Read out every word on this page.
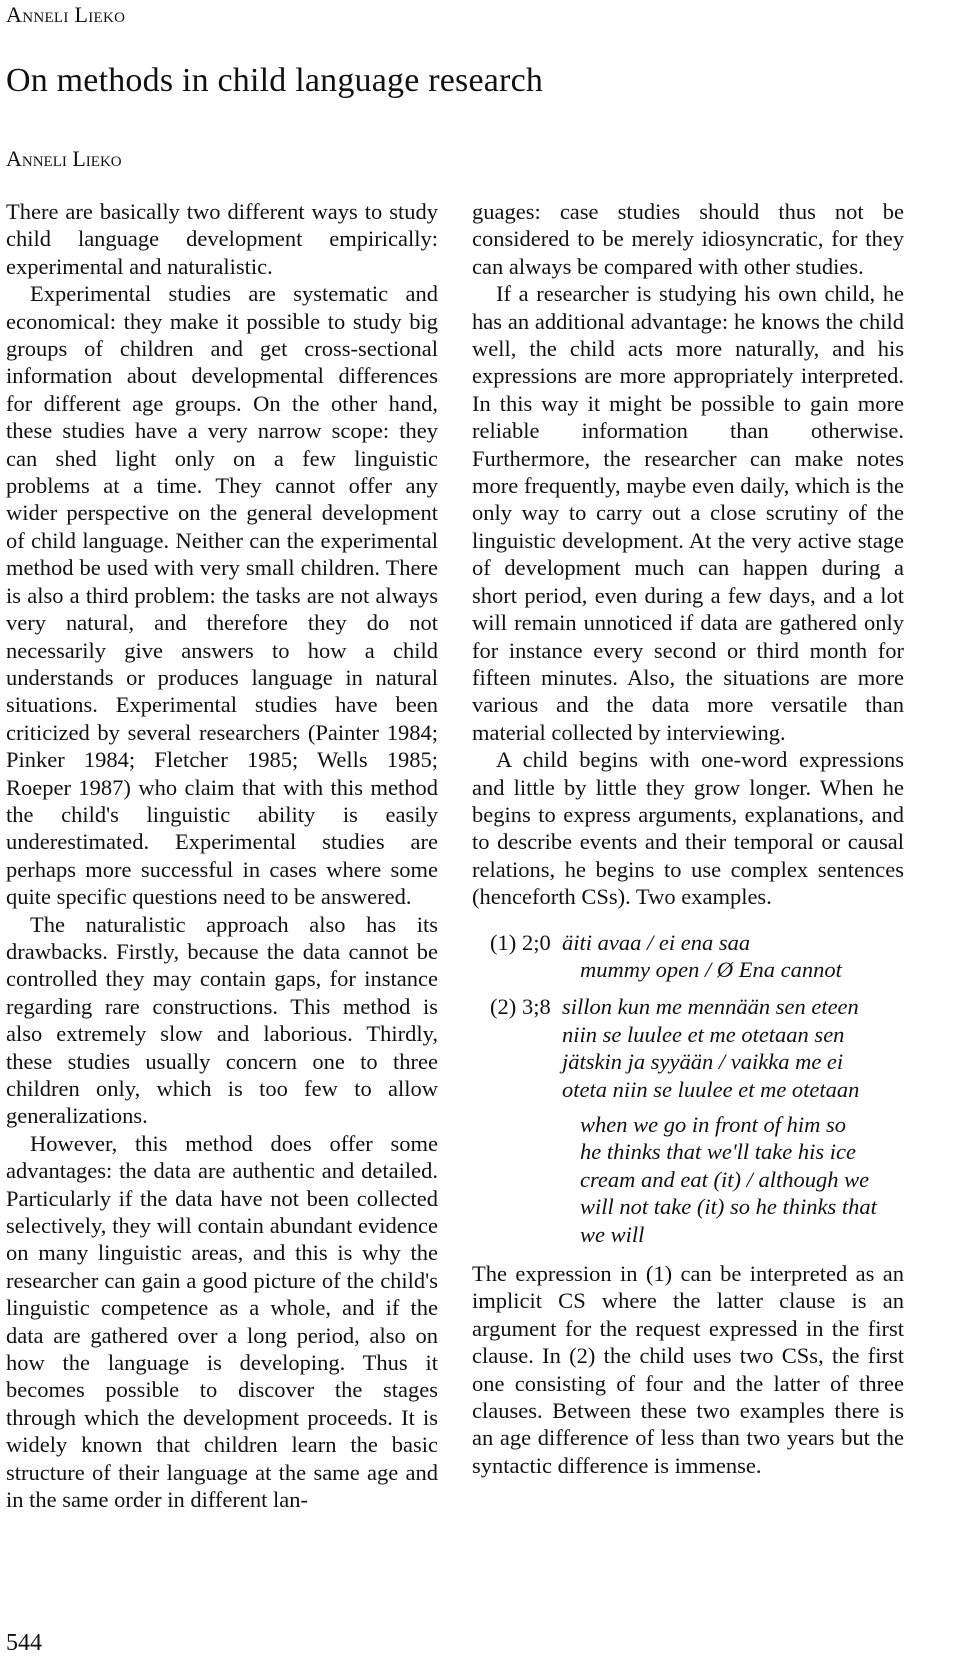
Anneli Lieko
On methods in child language research
Anneli Lieko

There are basically two different ways to study child language development empirically: experimental and naturalistic.

Experimental studies are systematic and economical: they make it possible to study big groups of children and get cross-sectional information about developmental differences for different age groups. On the other hand, these studies have a very narrow scope: they can shed light only on a few linguistic problems at a time. They cannot offer any wider perspective on the general development of child language. Neither can the experimental method be used with very small children. There is also a third problem: the tasks are not always very natural, and therefore they do not necessarily give answers to how a child understands or produces language in natural situations. Experimental studies have been criticized by several researchers (Painter 1984; Pinker 1984; Fletcher 1985; Wells 1985; Roeper 1987) who claim that with this method the child's linguistic ability is easily underestimated. Experimental studies are perhaps more successful in cases where some quite specific questions need to be answered.

The naturalistic approach also has its drawbacks. Firstly, because the data cannot be controlled they may contain gaps, for instance regarding rare constructions. This method is also extremely slow and laborious. Thirdly, these studies usually concern one to three children only, which is too few to allow generalizations.

However, this method does offer some advantages: the data are authentic and detailed. Particularly if the data have not been collected selectively, they will contain abundant evidence on many linguistic areas, and this is why the researcher can gain a good picture of the child's linguistic competence as a whole, and if the data are gathered over a long period, also on how the language is developing. Thus it becomes possible to discover the stages through which the development proceeds. It is widely known that children learn the basic structure of their language at the same age and in the same order in different lan-

guages: case studies should thus not be considered to be merely idiosyncratic, for they can always be compared with other studies.

If a researcher is studying his own child, he has an additional advantage: he knows the child well, the child acts more naturally, and his expressions are more appropriately interpreted. In this way it might be possible to gain more reliable information than otherwise. Furthermore, the researcher can make notes more frequently, maybe even daily, which is the only way to carry out a close scrutiny of the linguistic development. At the very active stage of development much can happen during a short period, even during a few days, and a lot will remain unnoticed if data are gathered only for instance every second or third month for fifteen minutes. Also, the situations are more various and the data more versatile than material collected by interviewing.

A child begins with one-word expressions and little by little they grow longer. When he begins to express arguments, explanations, and to describe events and their temporal or causal relations, he begins to use complex sentences (henceforth CSs). Two examples.

(1) 2;0 äiti avaa / ei ena saa
mummy open / Ø Ena cannot
(2) 3;8 sillon kun me mennään sen eteen
niin se luulee et me otetaan sen
jätskin ja syyään / vaikka me ei
oteta niin se luulee et me otetaan
when we go in front of him so
he thinks that we'll take his ice
cream and eat (it) / although we
will not take (it) so he thinks that
we will

The expression in (1) can be interpreted as an implicit CS where the latter clause is an argument for the request expressed in the first clause. In (2) the child uses two CSs, the first one consisting of four and the latter of three clauses. Between these two examples there is an age difference of less than two years but the syntactic difference is immense.

544
